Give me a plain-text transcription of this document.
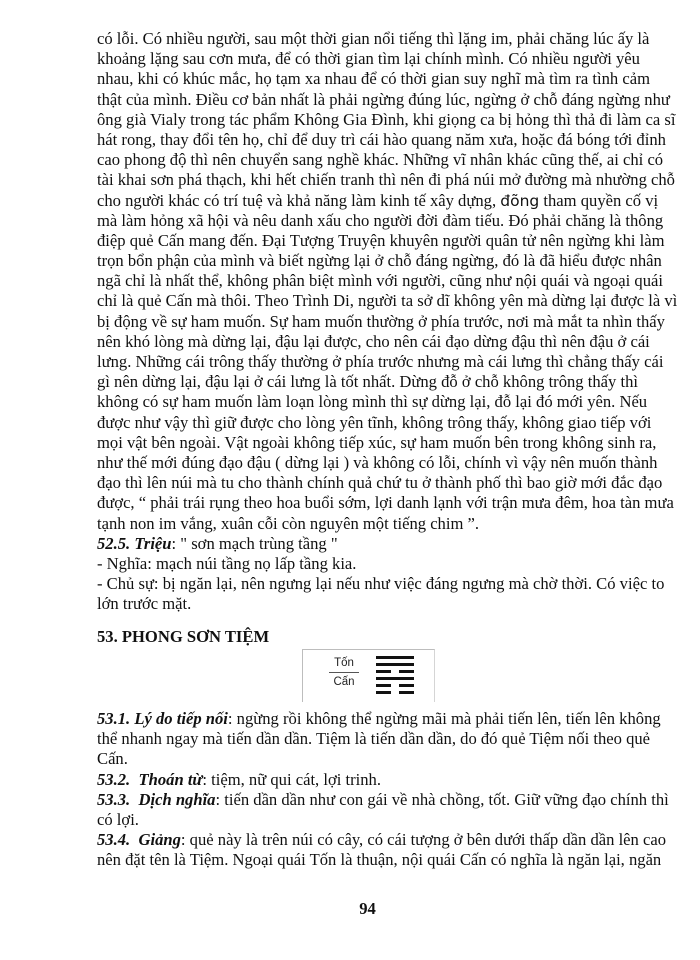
có lỗi. Có nhiều người, sau một thời gian nổi tiếng thì lặng im, phải chăng lúc ấy là
khoảng lặng sau cơn mưa, để có thời gian tìm lại chính mình. Có nhiều người yêu
nhau, khi có khúc mắc, họ tạm xa nhau để có thời gian suy nghĩ mà tìm ra tình cảm
thật của mình. Điều cơ bản nhất là phải ngừng đúng lúc, ngừng ở chỗ đáng ngừng như
ông già Vialy trong tác phẩm Không Gia Đình, khi giọng ca bị hỏng thì thả đi làm ca sĩ
hát rong, thay đổi tên họ, chỉ để duy trì cái hào quang năm xưa, hoặc đá bóng tới đỉnh
cao phong độ thì nên chuyển sang nghề khác. Những vĩ nhân khác cũng thế, ai chỉ có
tài khai sơn phá thạch, khi hết chiến tranh thì nên đi phá núi mở đường mà nhường chỗ
cho người khác có trí tuệ và khả năng làm kinh tế xây dựng, đõng tham quyền cố vị
mà làm hỏng xã hội và nêu danh xấu cho người đời đàm tiếu. Đó phải chăng là thông
điệp quẻ Cấn mang đến. Đại Tượng Truyện khuyên người quân tử nên ngừng khi làm
trọn bổn phận của mình và biết ngừng lại ở chỗ đáng ngừng, đó là đã hiểu được nhân
ngã chỉ là nhất thể, không phân biệt mình với người, cũng như nội quái và ngoại quái
chỉ là quẻ Cấn mà thôi. Theo Trình Di, người ta sở dĩ không yên mà dừng lại được là vì
bị động về sự ham muốn. Sự ham muốn thường ở phía trước, nơi mà mắt ta nhìn thấy
nên khó lòng mà dừng lại, đậu lại được, cho nên cái đạo dừng đậu thì nên đậu ở cái
lưng. Những cái trông thấy thường ở phía trước nhưng mà cái lưng thì chẳng thấy cái
gì nên dừng lại, đậu lại ở cái lưng là tốt nhất. Dừng đỗ ở chỗ không trông thấy thì
không có sự ham muốn làm loạn lòng mình thì sự dừng lại, đỗ lại đó mới yên. Nếu
được như vậy thì giữ được cho lòng yên tĩnh, không trông thấy, không giao tiếp với
mọi vật bên ngoài. Vật ngoài không tiếp xúc, sự ham muốn bên trong không sinh ra,
như thế mới đúng đạo đậu ( dừng lại ) và không có lỗi, chính vì vậy nên muốn thành
đạo thì lên núi mà tu cho thành chính quả chứ tu ở thành phố thì bao giờ mới đắc đạo
được, “ phải trái rụng theo hoa buổi sớm, lợi danh lạnh với trận mưa đêm, hoa tàn mưa
tạnh non im vắng, xuân cỗi còn nguyên một tiếng chim ”.
52.5. Triệu: " sơn mạch trùng tầng "
- Nghĩa: mạch núi tầng nọ lấp tầng kia.
- Chủ sự: bị ngăn lại, nên ngưng lại nếu như việc đáng ngưng mà chờ thời. Có việc to
lớn trước mặt.
53. PHONG SƠN TIỆM
Tốn
Cấn
53.1. Lý do tiếp nối: ngừng rồi không thể ngừng mãi mà phải tiến lên, tiến lên không
thể nhanh ngay mà tiến dần dần. Tiệm là tiến dần dần, do đó quẻ Tiệm nối theo quẻ
Cấn.
53.2.  Thoán từ: tiệm, nữ qui cát, lợi trinh.
53.3.  Dịch nghĩa: tiến dần dần như con gái về nhà chồng, tốt. Giữ vững đạo chính thì
có lợi.
53.4.  Giảng: quẻ này là trên núi có cây, có cái tượng ở bên dưới thấp dần dần lên cao
nên đặt tên là Tiệm. Ngoại quái Tốn là thuận, nội quái Cấn có nghĩa là ngăn lại, ngăn
94
